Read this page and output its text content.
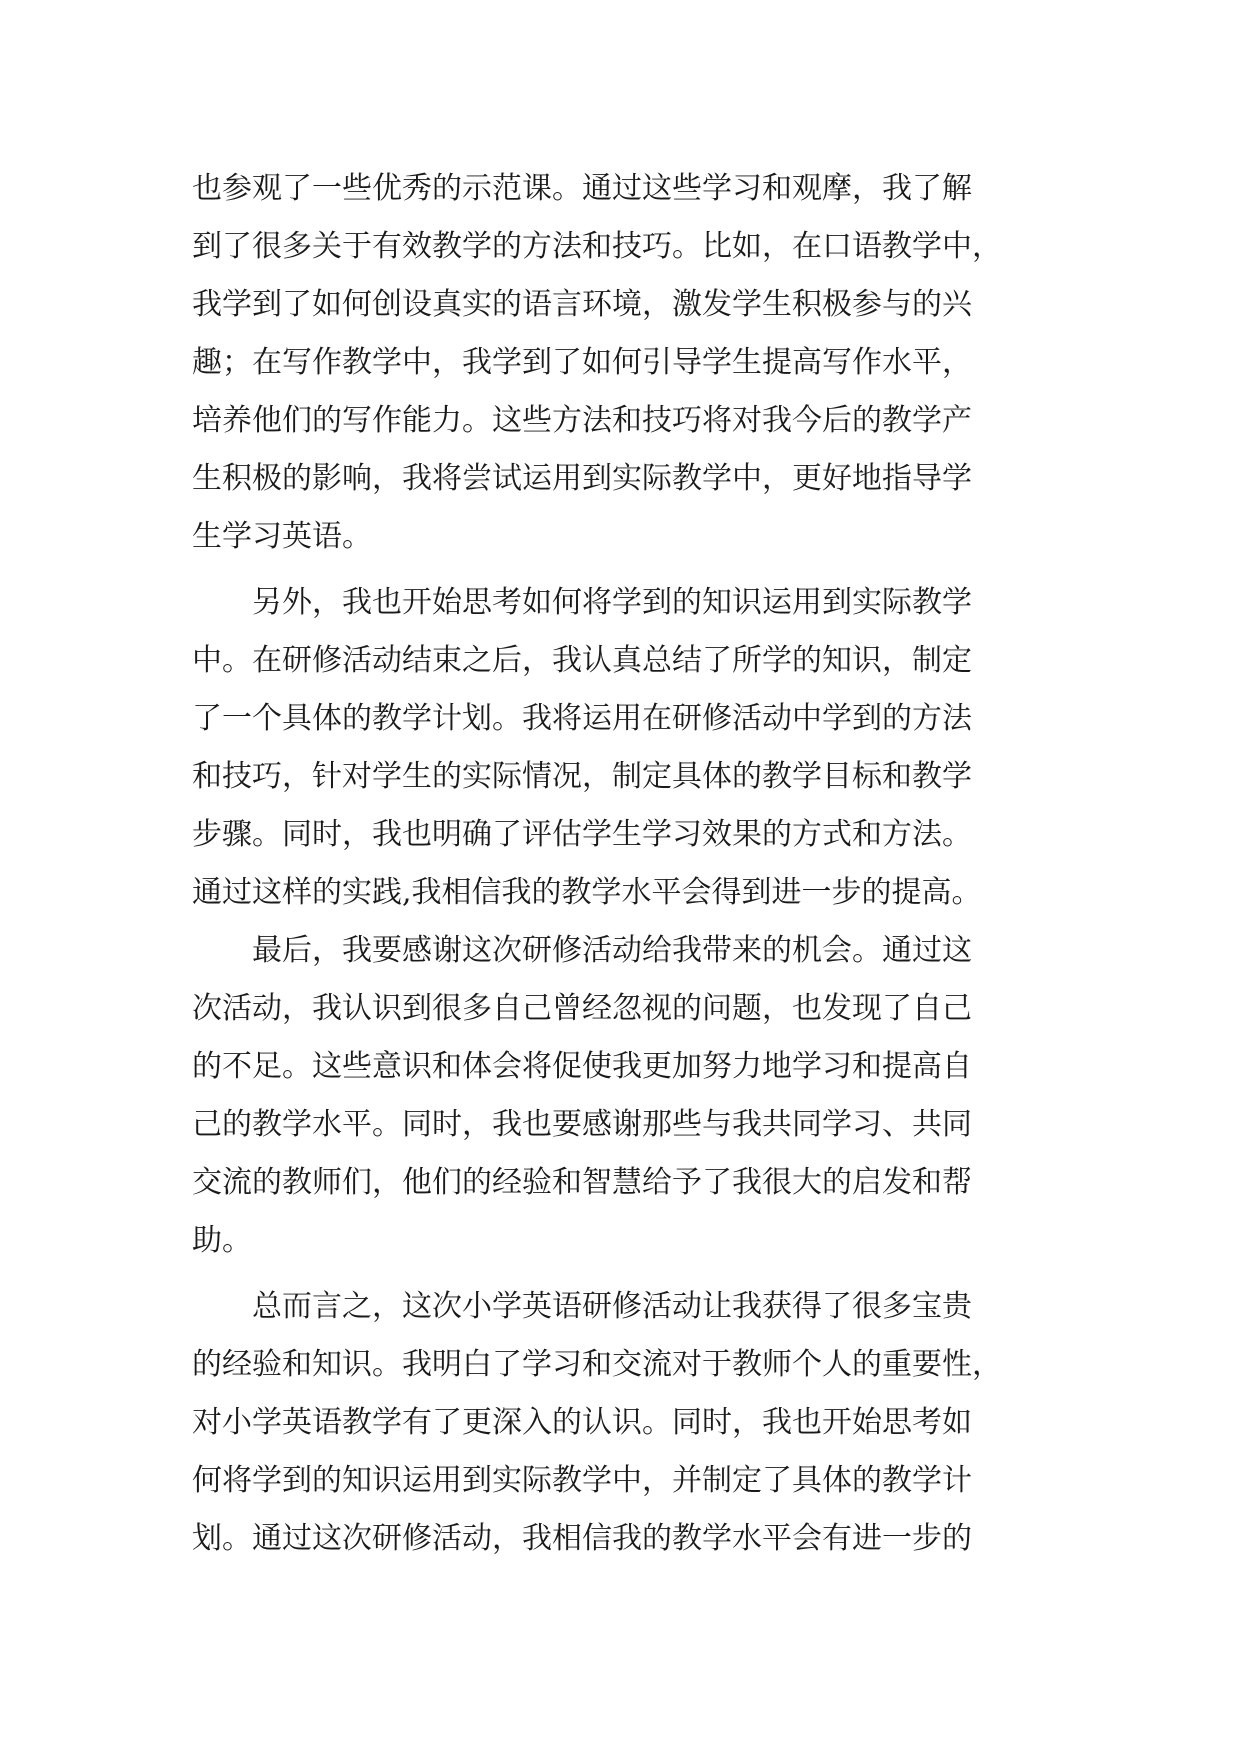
也参观了一些优秀的示范课。通过这些学习和观摩，我了解
到了很多关于有效教学的方法和技巧。比如，在口语教学中，
我学到了如何创设真实的语言环境，激发学生积极参与的兴
趣；在写作教学中，我学到了如何引导学生提高写作水平，
培养他们的写作能力。这些方法和技巧将对我今后的教学产
生积极的影响，我将尝试运用到实际教学中，更好地指导学
生学习英语。
另外，我也开始思考如何将学到的知识运用到实际教学
中。在研修活动结束之后，我认真总结了所学的知识，制定
了一个具体的教学计划。我将运用在研修活动中学到的方法
和技巧，针对学生的实际情况，制定具体的教学目标和教学
步骤。同时，我也明确了评估学生学习效果的方式和方法。
通过这样的实践,我相信我的教学水平会得到进一步的提高。
最后，我要感谢这次研修活动给我带来的机会。通过这
次活动，我认识到很多自己曾经忽视的问题，也发现了自己
的不足。这些意识和体会将促使我更加努力地学习和提高自
己的教学水平。同时，我也要感谢那些与我共同学习、共同
交流的教师们，他们的经验和智慧给予了我很大的启发和帮
助。
总而言之，这次小学英语研修活动让我获得了很多宝贵
的经验和知识。我明白了学习和交流对于教师个人的重要性，
对小学英语教学有了更深入的认识。同时，我也开始思考如
何将学到的知识运用到实际教学中，并制定了具体的教学计
划。通过这次研修活动，我相信我的教学水平会有进一步的
